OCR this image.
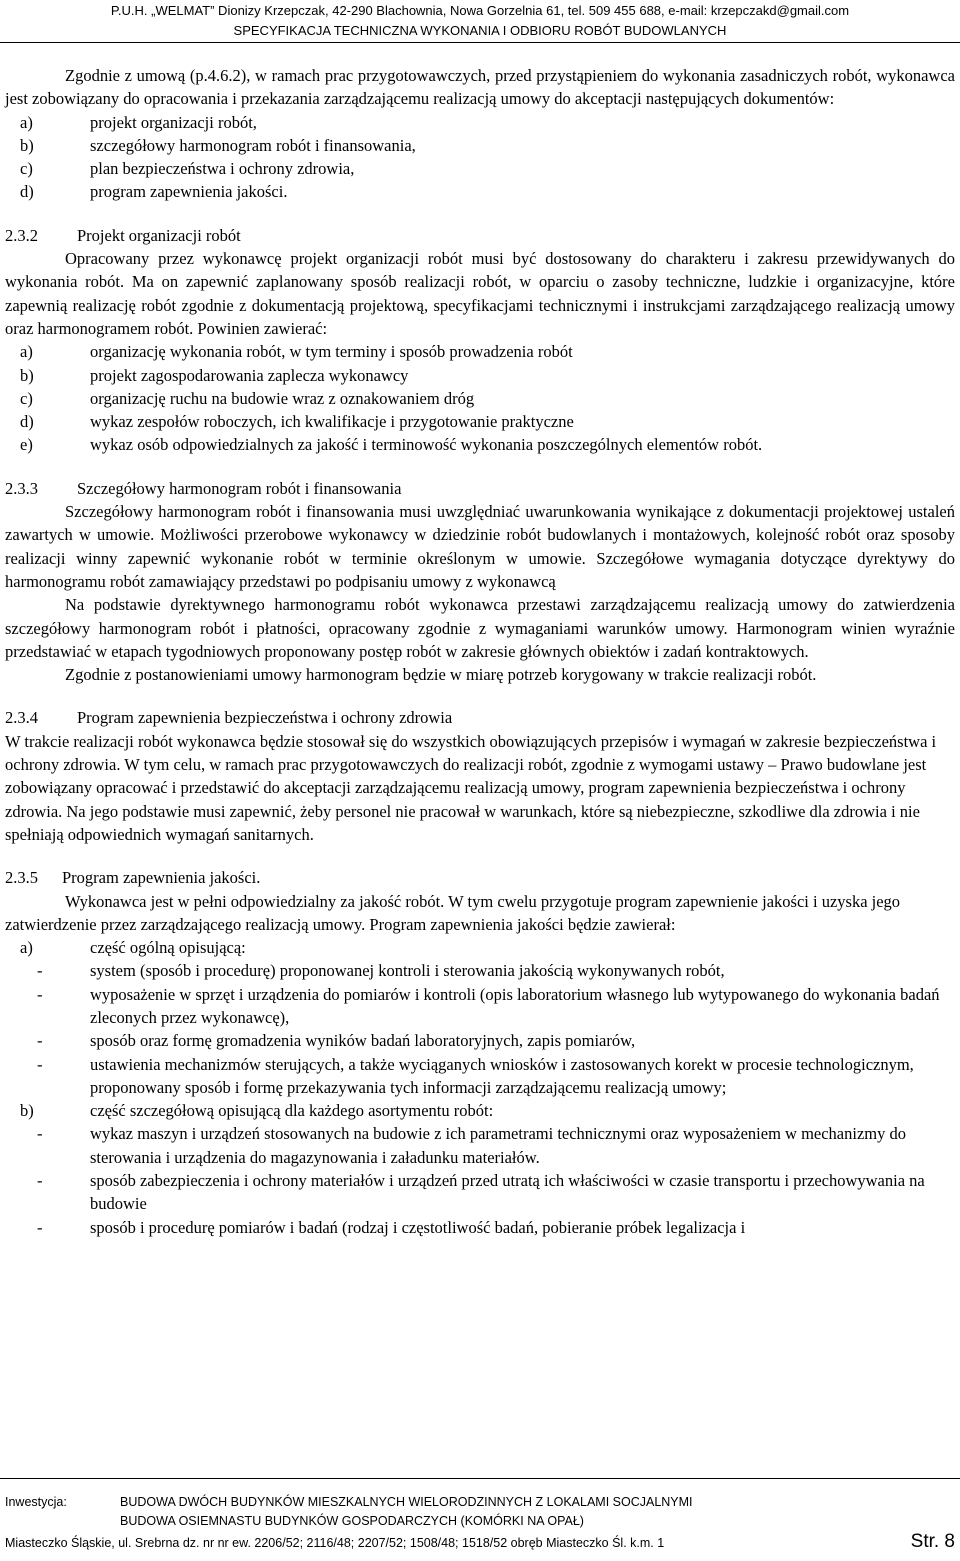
P.U.H. „WELMAT” Dionizy Krzepczak, 42-290 Blachownia, Nowa Gorzelnia 61, tel. 509 455 688, e-mail: krzepczakd@gmail.com
SPECYFIKACJA TECHNICZNA WYKONANIA I ODBIORU ROBÓT BUDOWLANYCH

Zgodnie z umową (p.4.6.2), w ramach prac przygotowawczych, przed przystąpieniem do wykonania zasadniczych robót, wykonawca jest zobowiązany do opracowania i przekazania zarządzającemu realizacją umowy do akceptacji następujących dokumentów:

a)	projekt organizacji robót,
b)	szczegółowy harmonogram robót i finansowania,
c)	plan bezpieczeństwa i ochrony zdrowia,
d)	program zapewnienia jakości.
2.3.2 Projekt organizacji robót

Opracowany przez wykonawcę projekt organizacji robót musi być dostosowany do charakteru i zakresu przewidywanych do wykonania robót. Ma on zapewnić zaplanowany sposób realizacji robót, w oparciu o zasoby techniczne, ludzkie i organizacyjne, które zapewnią realizację robót zgodnie z dokumentacją projektową, specyfikacjami technicznymi i instrukcjami zarządzającego realizacją umowy oraz harmonogramem robót. Powinien zawierać:

a)	organizację wykonania robót, w tym terminy i sposób prowadzenia robót
b)	projekt zagospodarowania zaplecza wykonawcy
c)	organizację ruchu na budowie wraz z oznakowaniem dróg
d)	wykaz zespołów roboczych, ich kwalifikacje i przygotowanie praktyczne
e)	wykaz osób odpowiedzialnych za jakość i terminowość wykonania poszczególnych elementów robót.
2.3.3 Szczegółowy harmonogram robót i finansowania

Szczegółowy harmonogram robót i finansowania musi uwzględniać uwarunkowania wynikające z dokumentacji projektowej ustaleń zawartych w umowie. Możliwości przerobowe wykonawcy w dziedzinie robót budowlanych i montażowych, kolejność robót oraz sposoby realizacji winny zapewnić wykonanie robót w terminie określonym w umowie. Szczegółowe wymagania dotyczące dyrektywy do harmonogramu robót zamawiający przedstawi po podpisaniu umowy z wykonawcą

Na podstawie dyrektywnego harmonogramu robót wykonawca przestawi zarządzającemu realizacją umowy do zatwierdzenia szczegółowy harmonogram robót i płatności, opracowany zgodnie z wymaganiami warunków umowy. Harmonogram winien wyraźnie przedstawiać w etapach tygodniowych proponowany postęp robót w zakresie głównych obiektów i zadań kontraktowych.

Zgodnie z postanowieniami umowy harmonogram będzie w miarę potrzeb korygowany w trakcie realizacji robót.

2.3.4 Program zapewnienia bezpieczeństwa i ochrony zdrowia

W trakcie realizacji robót wykonawca będzie stosował się do wszystkich obowiązujących przepisów i wymagań w zakresie bezpieczeństwa i ochrony zdrowia. W tym celu, w ramach prac przygotowawczych do realizacji robót, zgodnie z wymogami ustawy – Prawo budowlane jest zobowiązany opracować i przedstawić do akceptacji zarządzającemu realizacją umowy, program zapewnienia bezpieczeństwa i ochrony zdrowia. Na jego podstawie musi zapewnić, żeby personel nie pracował w warunkach, które są niebezpieczne, szkodliwe dla zdrowia i nie spełniają odpowiednich wymagań sanitarnych.

2.3.5 Program zapewnienia jakości.

Wykonawca jest w pełni odpowiedzialny za jakość robót. W tym cwelu przygotuje program zapewnienie jakości i uzyska jego zatwierdzenie przez zarządzającego realizacją umowy. Program zapewnienia jakości będzie zawierał:

a)	część ogólną opisującą:
-	system (sposób i procedurę) proponowanej kontroli i sterowania jakością wykonywanych robót,
-	wyposażenie w sprzęt i urządzenia do pomiarów i kontroli (opis laboratorium własnego lub wytypowanego do wykonania badań zleconych przez wykonawcę),
-	sposób oraz formę gromadzenia wyników badań laboratoryjnych, zapis pomiarów,
-	ustawienia mechanizmów sterujących, a także wyciąganych wniosków i zastosowanych korekt w procesie technologicznym, proponowany sposób i formę przekazywania tych informacji zarządzającemu realizacją umowy;
b)	część szczegółową opisującą dla każdego asortymentu robót:
-	wykaz maszyn i urządzeń stosowanych na budowie z ich parametrami technicznymi oraz wyposażeniem w mechanizmy do sterowania i urządzenia do magazynowania i załadunku materiałów.
-	sposób zabezpieczenia i ochrony materiałów i urządzeń przed utratą ich właściwości w czasie transportu i przechowywania na budowie
-	sposób i procedurę pomiarów i badań (rodzaj i częstotliwość badań, pobieranie próbek legalizacja i
Inwestycja:	BUDOWA DWÓCH BUDYNKÓW MIESZKALNYCH WIELORODZINNYCH Z LOKALAMI SOCJALNYMI
BUDOWA OSIEMNASTU BUDYNKÓW GOSPODARCZYCH (KOMÓRKI NA OPAŁ)
Miasteczko Śląskie, ul. Srebrna dz. nr nr ew. 2206/52; 2116/48; 2207/52; 1508/48; 1518/52 obręb Miasteczko Śl. k.m. 1	Str. 8
